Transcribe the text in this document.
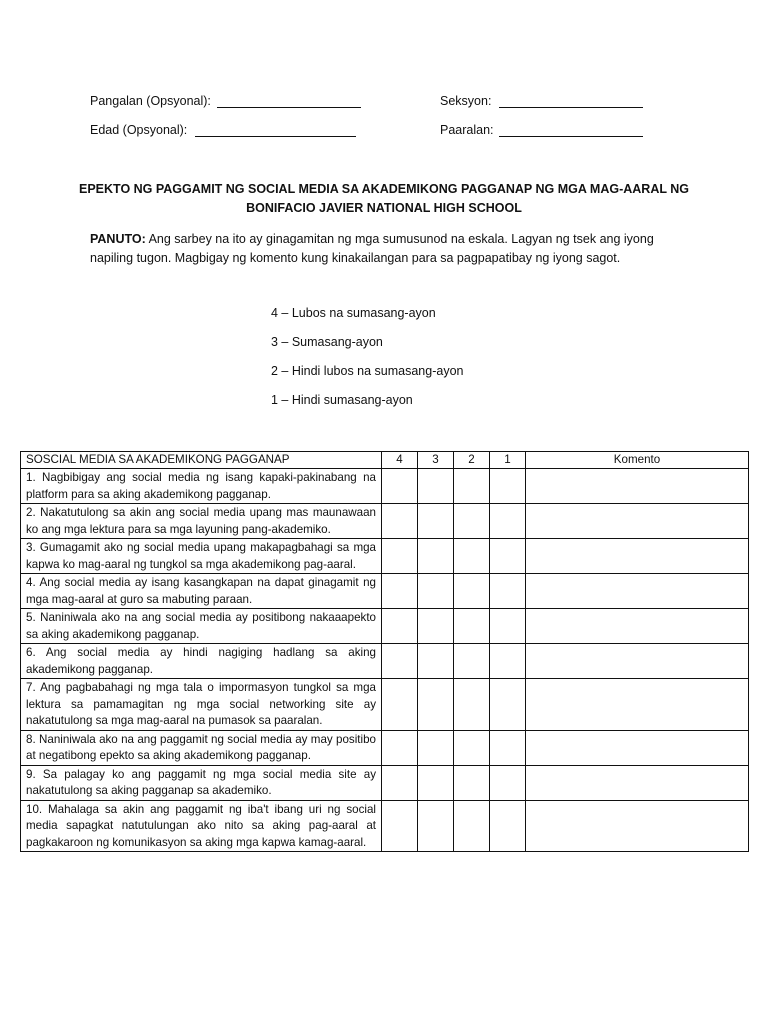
Pangalan (Opsyonal):	Seksyon:
Edad (Opsyonal):	Paaralan:
EPEKTO NG PAGGAMIT NG SOCIAL MEDIA SA AKADEMIKONG PAGGANAP NG MGA MAG-AARAL NG
BONIFACIO JAVIER NATIONAL HIGH SCHOOL
PANUTO: Ang sarbey na ito ay ginagamitan ng mga sumusunod na eskala. Lagyan ng tsek ang iyong napiling tugon. Magbigay ng komento kung kinakailangan para sa pagpapatibay ng iyong sagot.
4 – Lubos na sumasang-ayon
3 – Sumasang-ayon
2 – Hindi lubos na sumasang-ayon
1 – Hindi sumasang-ayon
SOSCIAL MEDIA SA AKADEMIKONG PAGGANAP	4	3	2	1	Komento
1. Nagbibigay ang social media ng isang kapaki-pakinabang na platform para sa aking akademikong pagganap.					
2. Nakatutulong sa akin ang social media upang mas maunawaan ko ang mga lektura para sa mga layuning pang-akademiko.					
3. Gumagamit ako ng social media upang makapagbahagi sa mga kapwa ko mag-aaral ng tungkol sa mga akademikong pag-aaral.					
4. Ang social media ay isang kasangkapan na dapat ginagamit ng mga mag-aaral at guro sa mabuting paraan.					
5. Naniniwala ako na ang social media ay positibong nakaaapekto sa aking akademikong pagganap.					
6. Ang social media ay hindi nagiging hadlang sa aking akademikong pagganap.					
7. Ang pagbabahagi ng mga tala o impormasyon tungkol sa mga lektura sa pamamagitan ng mga social networking site ay nakatutulong sa mga mag-aaral na pumasok sa paaralan.					
8. Naniniwala ako na ang paggamit ng social media ay may positibo at negatibong epekto sa aking akademikong pagganap.					
9. Sa palagay ko ang paggamit ng mga social media site ay nakatutulong sa aking pagganap sa akademiko.					
10. Mahalaga sa akin ang paggamit ng iba't ibang uri ng social media sapagkat natutulungan ako nito sa aking pag-aaral at pagkakaroon ng komunikasyon sa aking mga kapwa kamag-aaral.					
